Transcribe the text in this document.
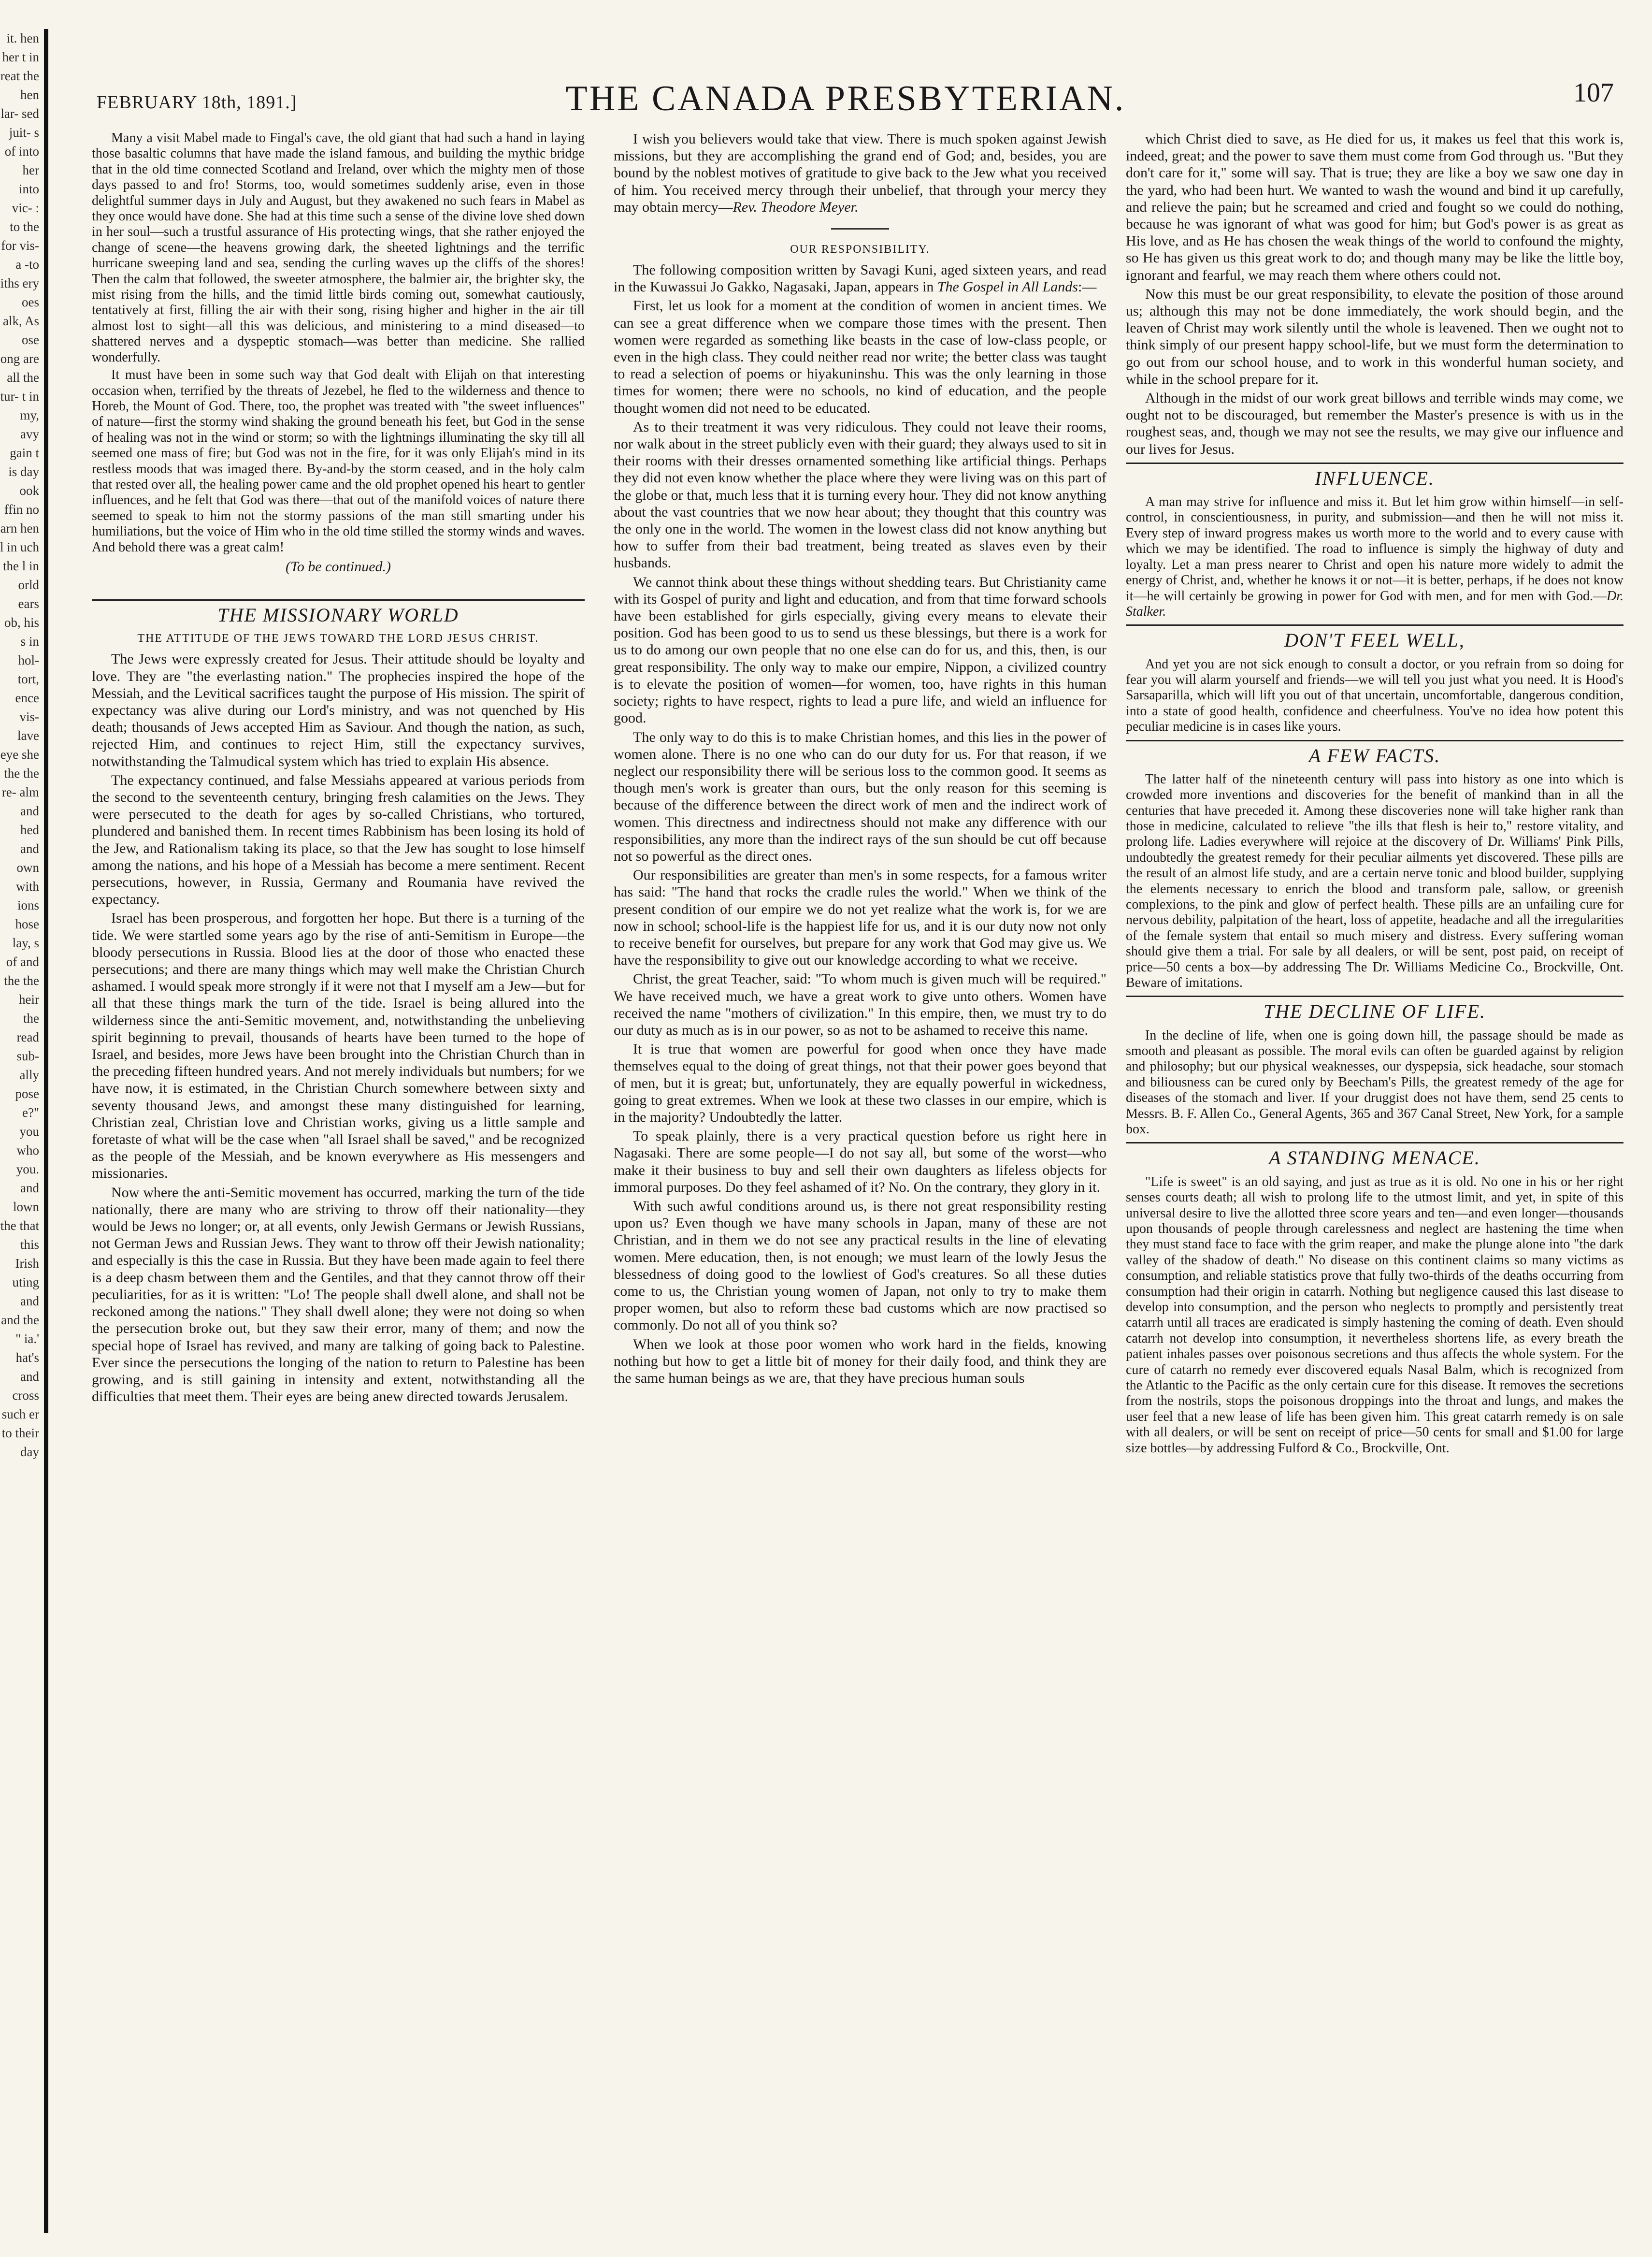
it. hen her t in reat the hen lar- sed juit- s of into her into vic- : to the for vis- a -to iths ery oes alk, As ose ong are all the tur- t in my, avy gain t is day ook ffin no arn hen l in uch the l in orld ears ob, his s in hol- tort, ence vis- lave eye she the the re- alm and hed and own with ions hose lay, s of and the the heir the read sub- ally pose e?" you who you. and lown the that this Irish uting and and the " ia.' hat's and cross such er to their day
FEBRUARY 18th, 1891.]	THE CANADA PRESBYTERIAN.	107

Many a visit Mabel made to Fingal's cave, the old giant that had such a hand in laying those basaltic columns that have made the island famous, and building the mythic bridge that in the old time connected Scotland and Ireland, over which the mighty men of those days passed to and fro! Storms, too, would sometimes suddenly arise, even in those delightful summer days in July and August, but they awakened no such fears in Mabel as they once would have done. She had at this time such a sense of the divine love shed down in her soul—such a trustful assurance of His protecting wings, that she rather enjoyed the change of scene—the heavens growing dark, the sheeted lightnings and the terrific hurricane sweeping land and sea, sending the curling waves up the cliffs of the shores! Then the calm that followed, the sweeter atmosphere, the balmier air, the brighter sky, the mist rising from the hills, and the timid little birds coming out, somewhat cautiously, tentatively at first, filling the air with their song, rising higher and higher in the air till almost lost to sight—all this was delicious, and ministering to a mind diseased—to shattered nerves and a dyspeptic stomach—was better than medicine. She rallied wonderfully.

It must have been in some such way that God dealt with Elijah on that interesting occasion when, terrified by the threats of Jezebel, he fled to the wilderness and thence to Horeb, the Mount of God. There, too, the prophet was treated with "the sweet influences" of nature—first the stormy wind shaking the ground beneath his feet, but God in the sense of healing was not in the wind or storm; so with the lightnings illuminating the sky till all seemed one mass of fire; but God was not in the fire, for it was only Elijah's mind in its restless moods that was imaged there. By-and-by the storm ceased, and in the holy calm that rested over all, the healing power came and the old prophet opened his heart to gentler influences, and he felt that God was there—that out of the manifold voices of nature there seemed to speak to him not the stormy passions of the man still smarting under his humiliations, but the voice of Him who in the old time stilled the stormy winds and waves. And behold there was a great calm!

(To be continued.)
THE MISSIONARY WORLD
THE ATTITUDE OF THE JEWS TOWARD THE LORD JESUS CHRIST.

The Jews were expressly created for Jesus. Their attitude should be loyalty and love. They are "the everlasting nation." The prophecies inspired the hope of the Messiah, and the Levitical sacrifices taught the purpose of His mission. The spirit of expectancy was alive during our Lord's ministry, and was not quenched by His death; thousands of Jews accepted Him as Saviour. And though the nation, as such, rejected Him, and continues to reject Him, still the expectancy survives, notwithstanding the Talmudical system which has tried to explain His absence.

The expectancy continued, and false Messiahs appeared at various periods from the second to the seventeenth century, bringing fresh calamities on the Jews. They were persecuted to the death for ages by so-called Christians, who tortured, plundered and banished them. In recent times Rabbinism has been losing its hold of the Jew, and Rationalism taking its place, so that the Jew has sought to lose himself among the nations, and his hope of a Messiah has become a mere sentiment. Recent persecutions, however, in Russia, Germany and Roumania have revived the expectancy.

Israel has been prosperous, and forgotten her hope. But there is a turning of the tide. We were startled some years ago by the rise of anti-Semitism in Europe—the bloody persecutions in Russia. Blood lies at the door of those who enacted these persecutions; and there are many things which may well make the Christian Church ashamed. I would speak more strongly if it were not that I myself am a Jew—but for all that these things mark the turn of the tide. Israel is being allured into the wilderness since the anti-Semitic movement, and, notwithstanding the unbelieving spirit beginning to prevail, thousands of hearts have been turned to the hope of Israel, and besides, more Jews have been brought into the Christian Church than in the preceding fifteen hundred years. And not merely individuals but numbers; for we have now, it is estimated, in the Christian Church somewhere between sixty and seventy thousand Jews, and amongst these many distinguished for learning, Christian zeal, Christian love and Christian works, giving us a little sample and foretaste of what will be the case when "all Israel shall be saved," and be recognized as the people of the Messiah, and be known everywhere as His messengers and missionaries.

Now where the anti-Semitic movement has occurred, marking the turn of the tide nationally, there are many who are striving to throw off their nationality—they would be Jews no longer; or, at all events, only Jewish Germans or Jewish Russians, not German Jews and Russian Jews. They want to throw off their Jewish nationality; and especially is this the case in Russia. But they have been made again to feel there is a deep chasm between them and the Gentiles, and that they cannot throw off their peculiarities, for as it is written: "Lo! The people shall dwell alone, and shall not be reckoned among the nations." They shall dwell alone; they were not doing so when the persecution broke out, but they saw their error, many of them; and now the special hope of Israel has revived, and many are talking of going back to Palestine. Ever since the persecutions the longing of the nation to return to Palestine has been growing, and is still gaining in intensity and extent, notwithstanding all the difficulties that meet them. Their eyes are being anew directed towards Jerusalem.

I wish you believers would take that view. There is much spoken against Jewish missions, but they are accomplishing the grand end of God; and, besides, you are bound by the noblest motives of gratitude to give back to the Jew what you received of him. You received mercy through their unbelief, that through your mercy they may obtain mercy—Rev. Theodore Meyer.

OUR RESPONSIBILITY.

The following composition written by Savagi Kuni, aged sixteen years, and read in the Kuwassui Jo Gakko, Nagasaki, Japan, appears in The Gospel in All Lands:—

First, let us look for a moment at the condition of women in ancient times. We can see a great difference when we compare those times with the present. Then women were regarded as something like beasts in the case of low-class people, or even in the high class. They could neither read nor write; the better class was taught to read a selection of poems or hiyakuninshu. This was the only learning in those times for women; there were no schools, no kind of education, and the people thought women did not need to be educated.

As to their treatment it was very ridiculous. They could not leave their rooms, nor walk about in the street publicly even with their guard; they always used to sit in their rooms with their dresses ornamented something like artificial things. Perhaps they did not even know whether the place where they were living was on this part of the globe or that, much less that it is turning every hour. They did not know anything about the vast countries that we now hear about; they thought that this country was the only one in the world. The women in the lowest class did not know anything but how to suffer from their bad treatment, being treated as slaves even by their husbands.

We cannot think about these things without shedding tears. But Christianity came with its Gospel of purity and light and education, and from that time forward schools have been established for girls especially, giving every means to elevate their position. God has been good to us to send us these blessings, but there is a work for us to do among our own people that no one else can do for us, and this, then, is our great responsibility. The only way to make our empire, Nippon, a civilized country is to elevate the position of women—for women, too, have rights in this human society; rights to have respect, rights to lead a pure life, and wield an influence for good.

The only way to do this is to make Christian homes, and this lies in the power of women alone. There is no one who can do our duty for us. For that reason, if we neglect our responsibility there will be serious loss to the common good. It seems as though men's work is greater than ours, but the only reason for this seeming is because of the difference between the direct work of men and the indirect work of women. This directness and indirectness should not make any difference with our responsibilities, any more than the indirect rays of the sun should be cut off because not so powerful as the direct ones.

Our responsibilities are greater than men's in some respects, for a famous writer has said: "The hand that rocks the cradle rules the world." When we think of the present condition of our empire we do not yet realize what the work is, for we are now in school; school-life is the happiest life for us, and it is our duty now not only to receive benefit for ourselves, but prepare for any work that God may give us. We have the responsibility to give out our knowledge according to what we receive.

Christ, the great Teacher, said: "To whom much is given much will be required." We have received much, we have a great work to give unto others. Women have received the name "mothers of civilization." In this empire, then, we must try to do our duty as much as is in our power, so as not to be ashamed to receive this name.

It is true that women are powerful for good when once they have made themselves equal to the doing of great things, not that their power goes beyond that of men, but it is great; but, unfortunately, they are equally powerful in wickedness, going to great extremes. When we look at these two classes in our empire, which is in the majority? Undoubtedly the latter.

To speak plainly, there is a very practical question before us right here in Nagasaki. There are some people—I do not say all, but some of the worst—who make it their business to buy and sell their own daughters as lifeless objects for immoral purposes. Do they feel ashamed of it? No. On the contrary, they glory in it.

With such awful conditions around us, is there not great responsibility resting upon us? Even though we have many schools in Japan, many of these are not Christian, and in them we do not see any practical results in the line of elevating women. Mere education, then, is not enough; we must learn of the lowly Jesus the blessedness of doing good to the lowliest of God's creatures. So all these duties come to us, the Christian young women of Japan, not only to try to make them proper women, but also to reform these bad customs which are now practised so commonly. Do not all of you think so?

When we look at those poor women who work hard in the fields, knowing nothing but how to get a little bit of money for their daily food, and think they are the same human beings as we are, that they have precious human souls

which Christ died to save, as He died for us, it makes us feel that this work is, indeed, great; and the power to save them must come from God through us. "But they don't care for it," some will say. That is true; they are like a boy we saw one day in the yard, who had been hurt. We wanted to wash the wound and bind it up carefully, and relieve the pain; but he screamed and cried and fought so we could do nothing, because he was ignorant of what was good for him; but God's power is as great as His love, and as He has chosen the weak things of the world to confound the mighty, so He has given us this great work to do; and though many may be like the little boy, ignorant and fearful, we may reach them where others could not.

Now this must be our great responsibility, to elevate the position of those around us; although this may not be done immediately, the work should begin, and the leaven of Christ may work silently until the whole is leavened. Then we ought not to think simply of our present happy school-life, but we must form the determination to go out from our school house, and to work in this wonderful human society, and while in the school prepare for it.

Although in the midst of our work great billows and terrible winds may come, we ought not to be discouraged, but remember the Master's presence is with us in the roughest seas, and, though we may not see the results, we may give our influence and our lives for Jesus.

INFLUENCE.

A man may strive for influence and miss it. But let him grow within himself—in self-control, in conscientiousness, in purity, and submission—and then he will not miss it. Every step of inward progress makes us worth more to the world and to every cause with which we may be identified. The road to influence is simply the highway of duty and loyalty. Let a man press nearer to Christ and open his nature more widely to admit the energy of Christ, and, whether he knows it or not—it is better, perhaps, if he does not know it—he will certainly be growing in power for God with men, and for men with God.—Dr. Stalker.

DON'T FEEL WELL,

And yet you are not sick enough to consult a doctor, or you refrain from so doing for fear you will alarm yourself and friends—we will tell you just what you need. It is Hood's Sarsaparilla, which will lift you out of that uncertain, uncomfortable, dangerous condition, into a state of good health, confidence and cheerfulness. You've no idea how potent this peculiar medicine is in cases like yours.

A FEW FACTS.

The latter half of the nineteenth century will pass into history as one into which is crowded more inventions and discoveries for the benefit of mankind than in all the centuries that have preceded it. Among these discoveries none will take higher rank than those in medicine, calculated to relieve "the ills that flesh is heir to," restore vitality, and prolong life. Ladies everywhere will rejoice at the discovery of Dr. Williams' Pink Pills, undoubtedly the greatest remedy for their peculiar ailments yet discovered. These pills are the result of an almost life study, and are a certain nerve tonic and blood builder, supplying the elements necessary to enrich the blood and transform pale, sallow, or greenish complexions, to the pink and glow of perfect health. These pills are an unfailing cure for nervous debility, palpitation of the heart, loss of appetite, headache and all the irregularities of the female system that entail so much misery and distress. Every suffering woman should give them a trial. For sale by all dealers, or will be sent, post paid, on receipt of price—50 cents a box—by addressing The Dr. Williams Medicine Co., Brockville, Ont. Beware of imitations.

THE DECLINE OF LIFE.

In the decline of life, when one is going down hill, the passage should be made as smooth and pleasant as possible. The moral evils can often be guarded against by religion and philosophy; but our physical weaknesses, our dyspepsia, sick headache, sour stomach and biliousness can be cured only by Beecham's Pills, the greatest remedy of the age for diseases of the stomach and liver. If your druggist does not have them, send 25 cents to Messrs. B. F. Allen Co., General Agents, 365 and 367 Canal Street, New York, for a sample box.

A STANDING MENACE.

"Life is sweet" is an old saying, and just as true as it is old. No one in his or her right senses courts death; all wish to prolong life to the utmost limit, and yet, in spite of this universal desire to live the allotted three score years and ten—and even longer—thousands upon thousands of people through carelessness and neglect are hastening the time when they must stand face to face with the grim reaper, and make the plunge alone into "the dark valley of the shadow of death." No disease on this continent claims so many victims as consumption, and reliable statistics prove that fully two-thirds of the deaths occurring from consumption had their origin in catarrh. Nothing but negligence caused this last disease to develop into consumption, and the person who neglects to promptly and persistently treat catarrh until all traces are eradicated is simply hastening the coming of death. Even should catarrh not develop into consumption, it nevertheless shortens life, as every breath the patient inhales passes over poisonous secretions and thus affects the whole system. For the cure of catarrh no remedy ever discovered equals Nasal Balm, which is recognized from the Atlantic to the Pacific as the only certain cure for this disease. It removes the secretions from the nostrils, stops the poisonous droppings into the throat and lungs, and makes the user feel that a new lease of life has been given him. This great catarrh remedy is on sale with all dealers, or will be sent on receipt of price—50 cents for small and $1.00 for large size bottles—by addressing Fulford & Co., Brockville, Ont.
